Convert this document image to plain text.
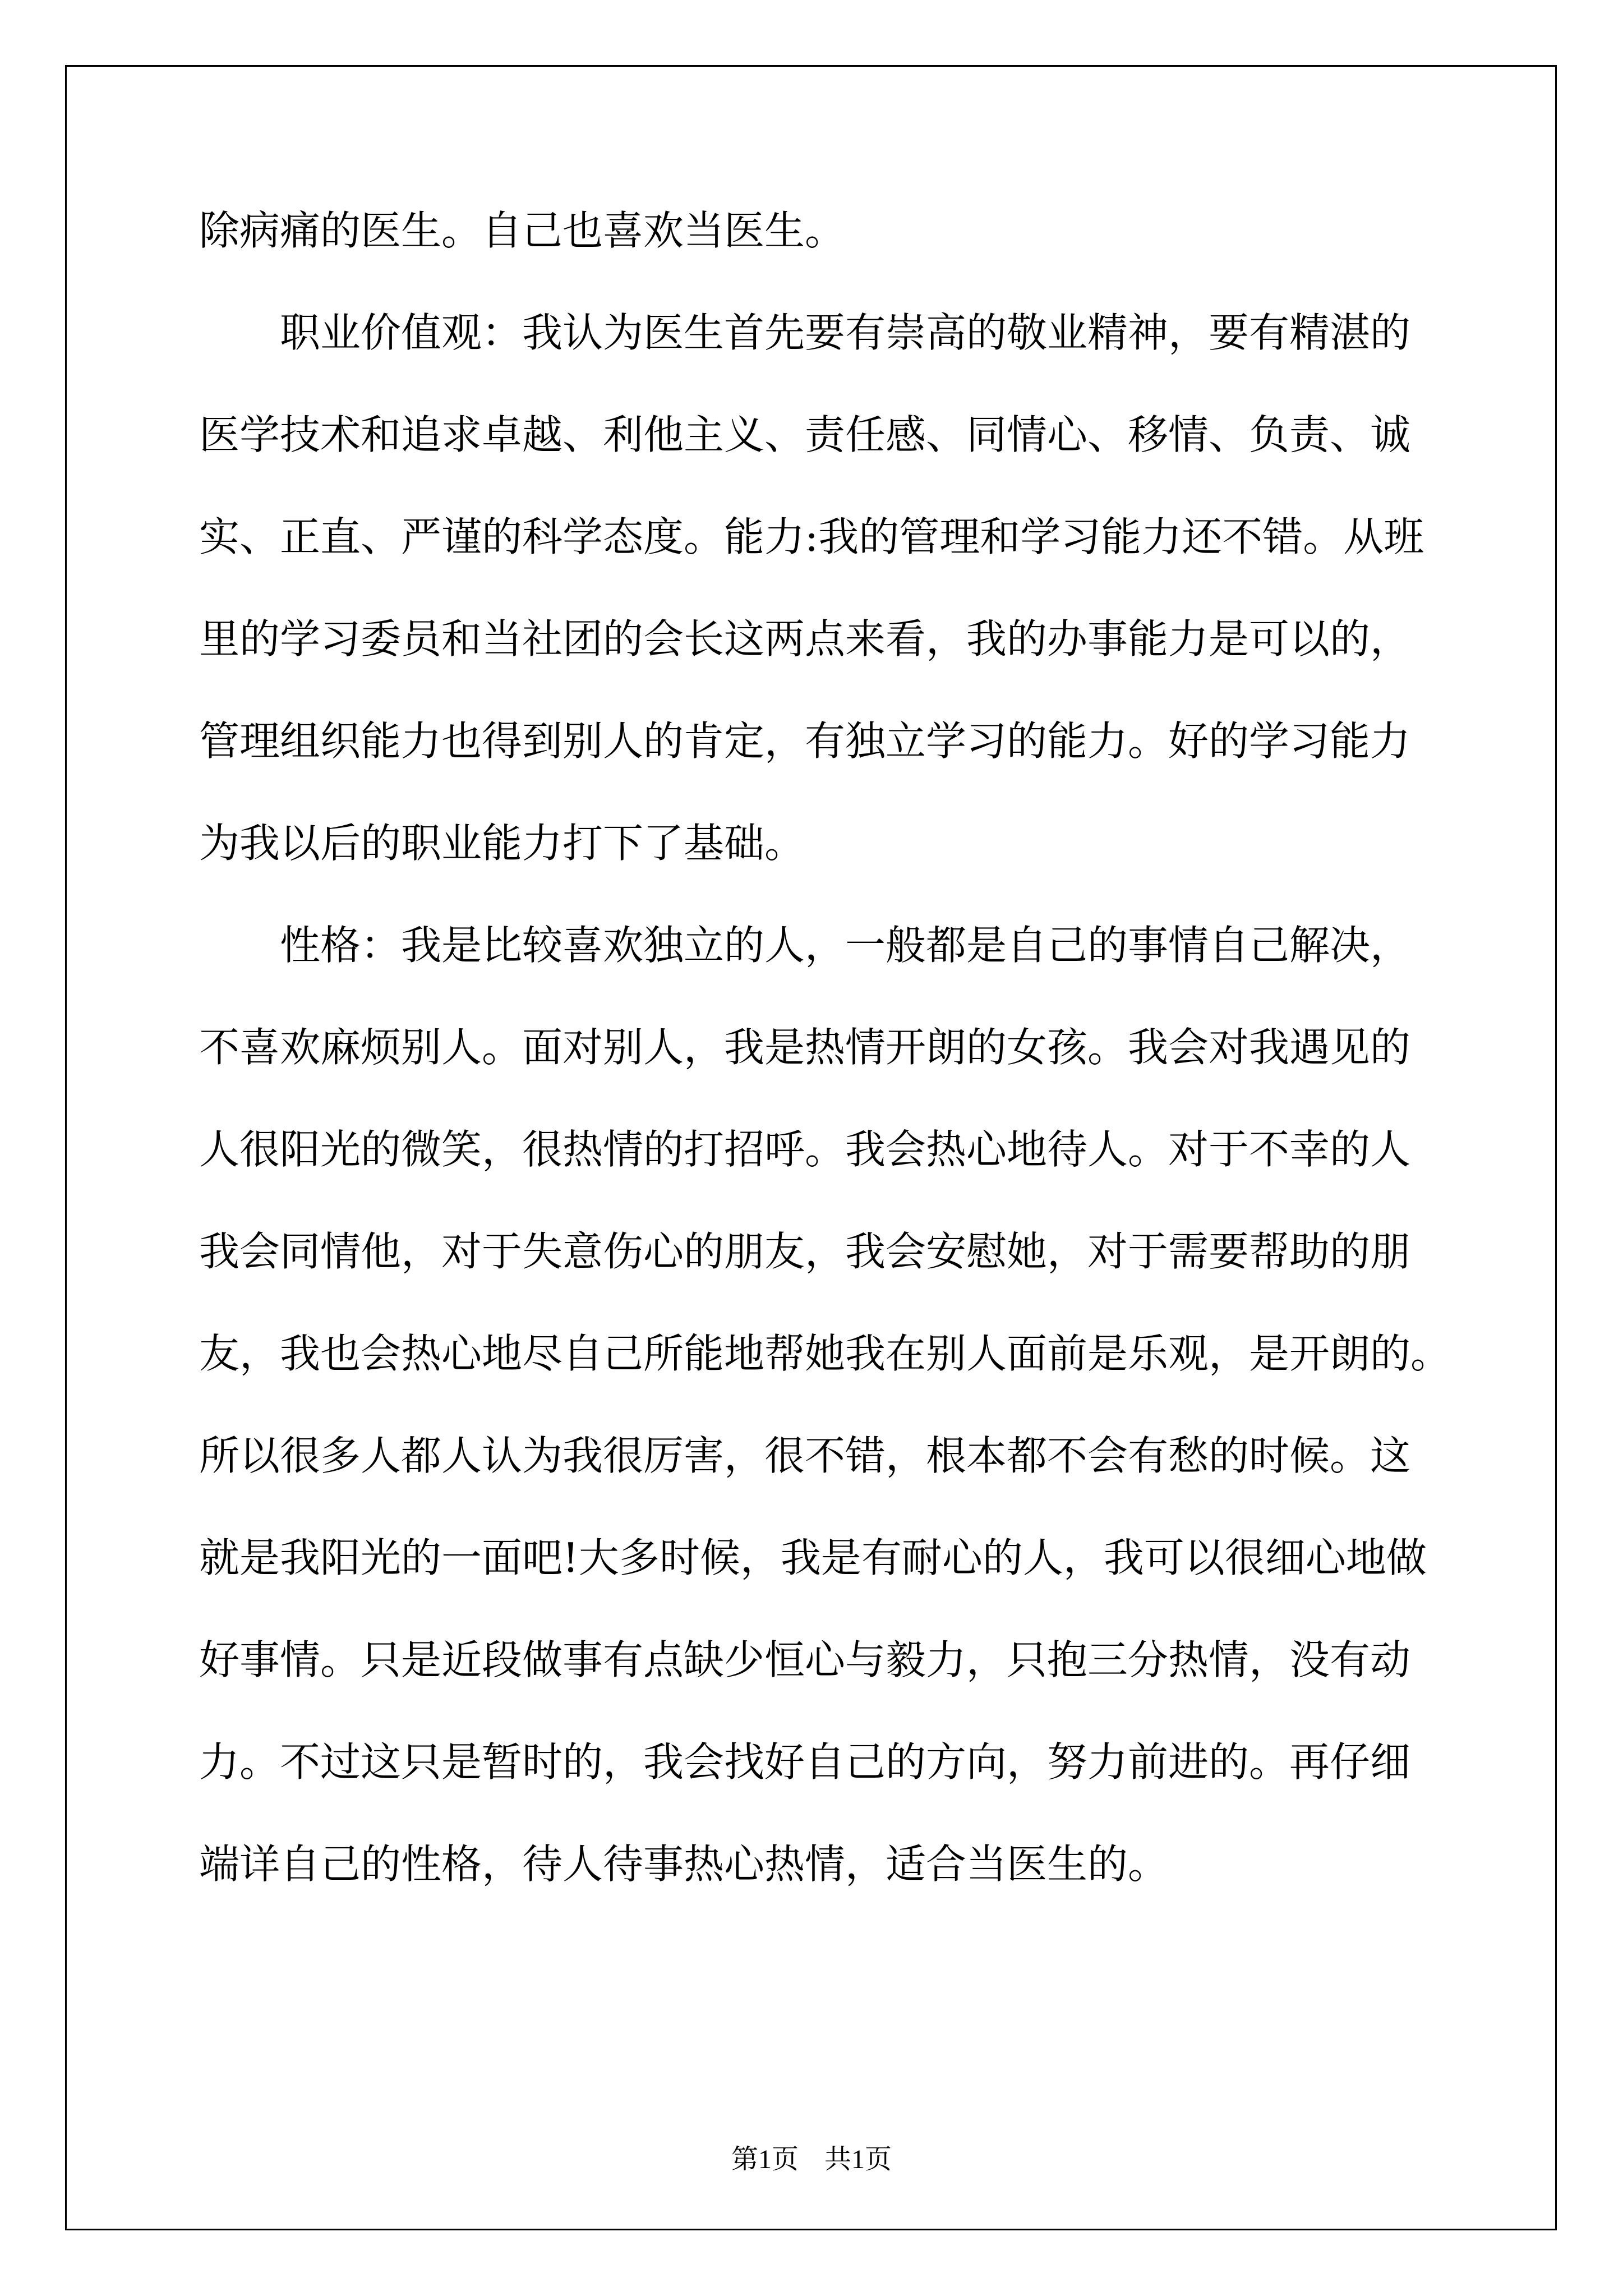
除病痛的医生。自己也喜欢当医生。

　　职业价值观：我认为医生首先要有崇高的敬业精神，要有精湛的

医学技术和追求卓越、利他主义、责任感、同情心、移情、负责、诚

实、正直、严谨的科学态度。能力:我的管理和学习能力还不错。从班

里的学习委员和当社团的会长这两点来看，我的办事能力是可以的，

管理组织能力也得到别人的肯定，有独立学习的能力。好的学习能力

为我以后的职业能力打下了基础。

　　性格：我是比较喜欢独立的人，一般都是自己的事情自己解决，

不喜欢麻烦别人。面对别人，我是热情开朗的女孩。我会对我遇见的

人很阳光的微笑，很热情的打招呼。我会热心地待人。对于不幸的人

我会同情他，对于失意伤心的朋友，我会安慰她，对于需要帮助的朋

友，我也会热心地尽自己所能地帮她我在别人面前是乐观，是开朗的。

所以很多人都人认为我很厉害，很不错，根本都不会有愁的时候。这

就是我阳光的一面吧!大多时候，我是有耐心的人，我可以很细心地做

好事情。只是近段做事有点缺少恒心与毅力，只抱三分热情，没有动

力。不过这只是暂时的，我会找好自己的方向，努力前进的。再仔细

端详自己的性格，待人待事热心热情，适合当医生的。

第1页 共1页
